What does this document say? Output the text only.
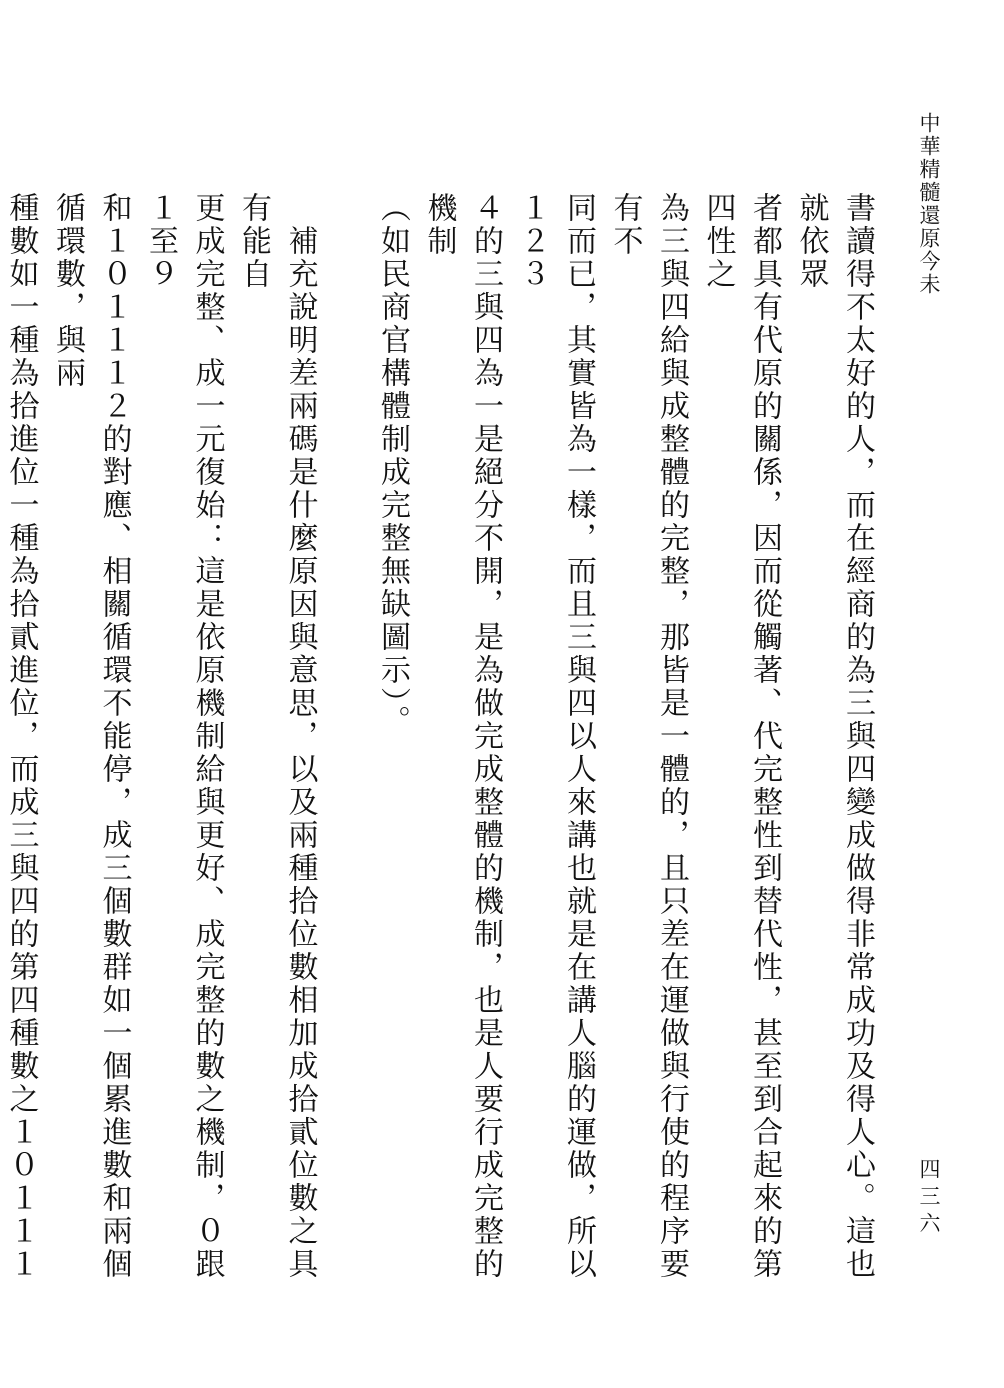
中華精髓還原今未
四三六

書讀得不太好的人，而在經商的為三與四變成做得非常成功及得人心。這也就依眾
者都具有代原的關係，因而從觸著、代完整性到替代性，甚至到合起來的第四性之
為三與四給與成整體的完整，那皆是一體的，且只差在運做與行使的程序要有不
同而已，其實皆為一樣，而且三與四以人來講也就是在講人腦的運做，所以１２３
４的三與四為一是絕分不開，是為做完成整體的機制，也是人要行成完整的機制
（如民商官構體制成完整無缺圖示）。

　補充說明差兩碼是什麼原因與意思，以及兩種拾位數相加成拾貳位數之具有能自
更成完整、成一元復始：這是依原機制給與更好、成完整的數之機制，０跟１至９
和１０１１１２的對應、相關循環不能停，成三個數群如一個累進數和兩個循環數，與兩
種數如一種為拾進位一種為拾貳進位，而成三與四的第四種數之１０１１１
